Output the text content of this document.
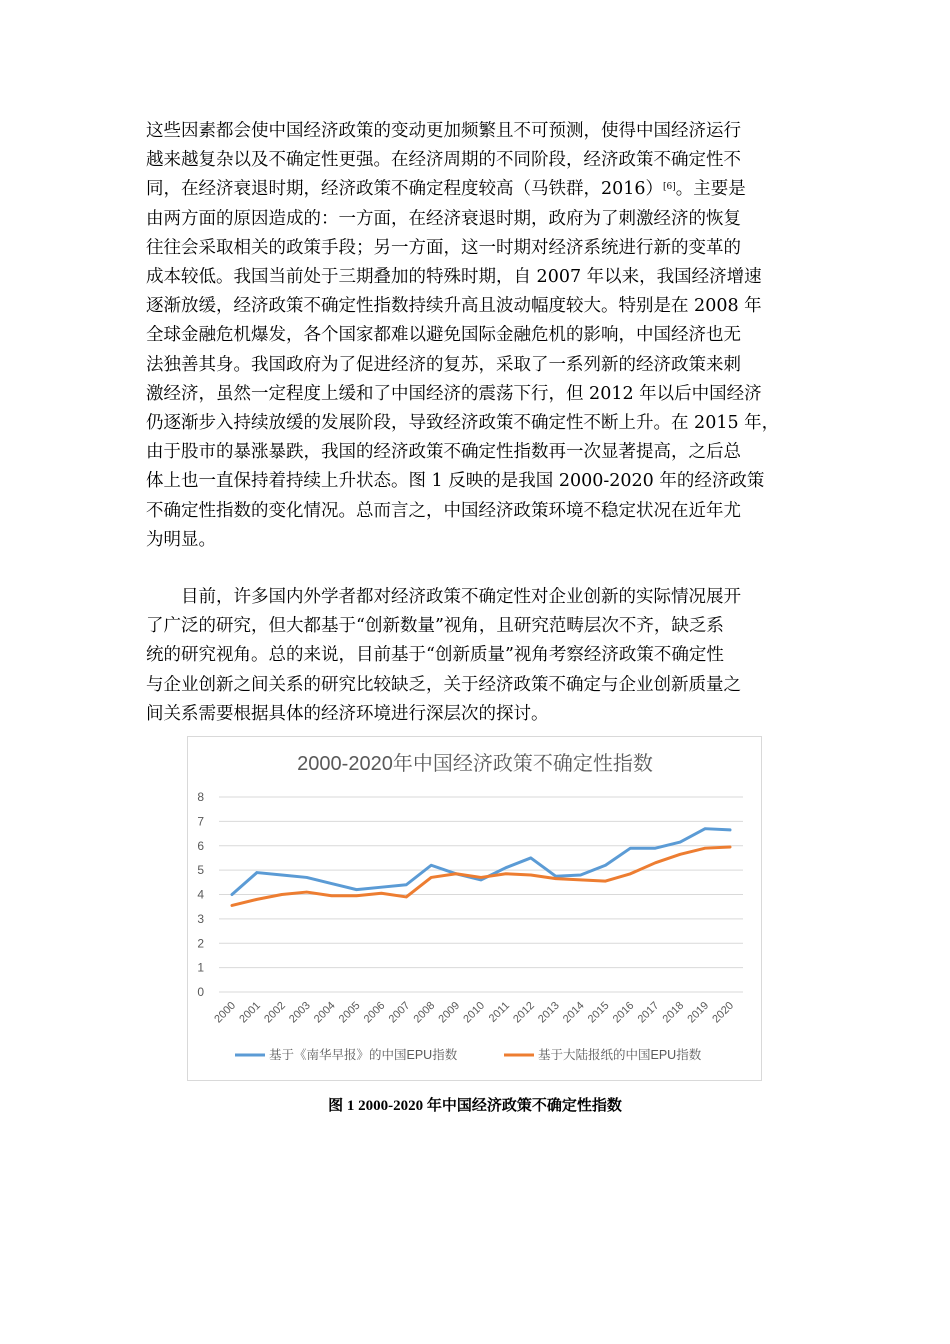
这些因素都会使中国经济政策的变动更加频繁且不可预测，使得中国经济运行
越来越复杂以及不确定性更强。在经济周期的不同阶段，经济政策不确定性不
同，在经济衰退时期，经济政策不确定程度较高（马铁群，2016）[6]。主要是
由两方面的原因造成的：一方面，在经济衰退时期，政府为了刺激经济的恢复
往往会采取相关的政策手段；另一方面，这一时期对经济系统进行新的变革的
成本较低。我国当前处于三期叠加的特殊时期，自 2007 年以来，我国经济增速
逐渐放缓，经济政策不确定性指数持续升高且波动幅度较大。特别是在 2008 年
全球金融危机爆发，各个国家都难以避免国际金融危机的影响，中国经济也无
法独善其身。我国政府为了促进经济的复苏，采取了一系列新的经济政策来刺
激经济，虽然一定程度上缓和了中国经济的震荡下行，但 2012 年以后中国经济
仍逐渐步入持续放缓的发展阶段，导致经济政策不确定性不断上升。在 2015 年，
由于股市的暴涨暴跌，我国的经济政策不确定性指数再一次显著提高，之后总
体上也一直保持着持续上升状态。图 1 反映的是我国 2000-2020 年的经济政策
不确定性指数的变化情况。总而言之，中国经济政策环境不稳定状况在近年尤
为明显。
目前，许多国内外学者都对经济政策不确定性对企业创新的实际情况展开
了广泛的研究，但大都基于“创新数量”视角，且研究范畴层次不齐，缺乏系
统的研究视角。总的来说，目前基于“创新质量”视角考察经济政策不确定性
与企业创新之间关系的研究比较缺乏，关于经济政策不确定与企业创新质量之
间关系需要根据具体的经济环境进行深层次的探讨。
2000-2020年中国经济政策不确定性指数
0
1
2
3
4
5
6
7
8
2000 2001 2002 2003 2004 2005 2006 2007 2008 2009 2010 2011 2012 2013 2014 2015 2016 2017 2018 2019 2020
基于《南华早报》的中国EPU指数	基于大陆报纸的中国EPU指数
图 1 2000-2020 年中国经济政策不确定性指数
